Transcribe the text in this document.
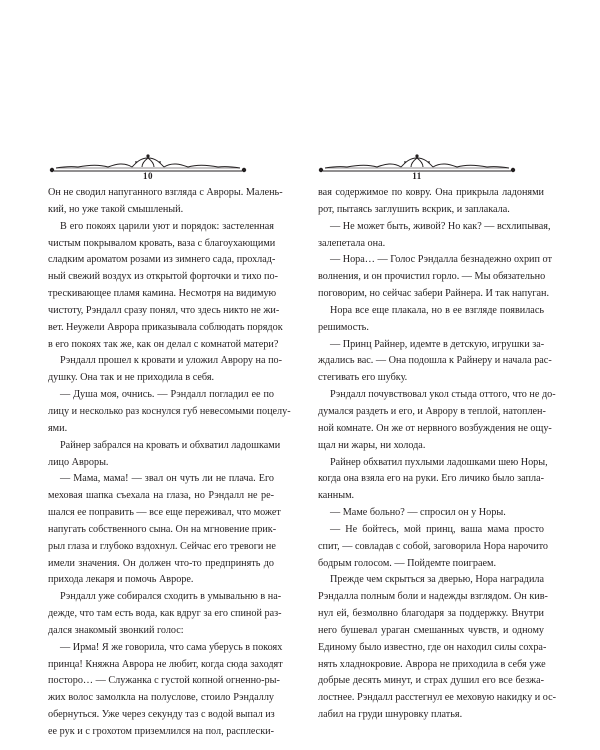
10
Он не сводил напуганного взгляда с Авроры. Малень-
кий, но уже такой смышленый.
В его покоях царили уют и порядок: застеленная
чистым покрывалом кровать, ваза с благоухающими
сладким ароматом розами из зимнего сада, прохлад-
ный свежий воздух из открытой форточки и тихо по-
трескивающее пламя камина. Несмотря на видимую
чистоту, Рэндалл сразу понял, что здесь никто не жи-
вет. Неужели Аврора приказывала соблюдать порядок
в его покоях так же, как он делал с комнатой матери?
Рэндалл прошел к кровати и уложил Аврору на по-
душку. Она так и не приходила в себя.
— Душа моя, очнись. — Рэндалл погладил ее по
лицу и несколько раз коснулся губ невесомыми поцелу-
ями.
Райнер забрался на кровать и обхватил ладошками
лицо Авроры.
— Мама, мама! — звал он чуть ли не плача. Его
меховая шапка съехала на глаза, но Рэндалл не ре-
шался ее поправить — все еще переживал, что может
напугать собственного сына. Он на мгновение прик-
рыл глаза и глубоко вздохнул. Сейчас его тревоги не
имели значения. Он должен что-то предпринять до
прихода лекаря и помочь Авроре.
Рэндалл уже собирался сходить в умывальню в на-
дежде, что там есть вода, как вдруг за его спиной раз-
дался знакомый звонкий голос:
— Ирма! Я же говорила, что сама уберусь в покоях
принца! Княжна Аврора не любит, когда сюда заходят
посторо… — Служанка с густой копной огненно-ры-
жих волос замолкла на полуслове, стоило Рэндаллу
обернуться. Уже через секунду таз с водой выпал из
ее рук и с грохотом приземлился на пол, расплески-
11
вая содержимое по ковру. Она прикрыла ладонями
рот, пытаясь заглушить вскрик, и заплакала.
— Не может быть, живой? Но как? — всхлипывая,
залепетала она.
— Нора… — Голос Рэндалла безнадежно охрип от
волнения, и он прочистил горло. — Мы обязательно
поговорим, но сейчас забери Райнера. И так напуган.
Нора все еще плакала, но в ее взгляде появилась
решимость.
— Принц Райнер, идемте в детскую, игрушки за-
ждались вас. — Она подошла к Райнеру и начала рас-
стегивать его шубку.
Рэндалл почувствовал укол стыда оттого, что не до-
думался раздеть и его, и Аврору в теплой, натоплен-
ной комнате. Он же от нервного возбуждения не ощу-
щал ни жары, ни холода.
Райнер обхватил пухлыми ладошками шею Норы,
когда она взяла его на руки. Его личико было запла-
канным.
— Маме больно? — спросил он у Норы.
— Не бойтесь, мой принц, ваша мама просто
спит, — совладав с собой, заговорила Нора нарочито
бодрым голосом. — Пойдемте поиграем.
Прежде чем скрыться за дверью, Нора наградила
Рэндалла полным боли и надежды взглядом. Он кив-
нул ей, безмолвно благодаря за поддержку. Внутри
него бушевал ураган смешанных чувств, и одному
Единому было известно, где он находил силы сохра-
нять хладнокровие. Аврора не приходила в себя уже
добрые десять минут, и страх душил его все безжа-
лостнее. Рэндалл расстегнул ее меховую накидку и ос-
лабил на груди шнуровку платья.
